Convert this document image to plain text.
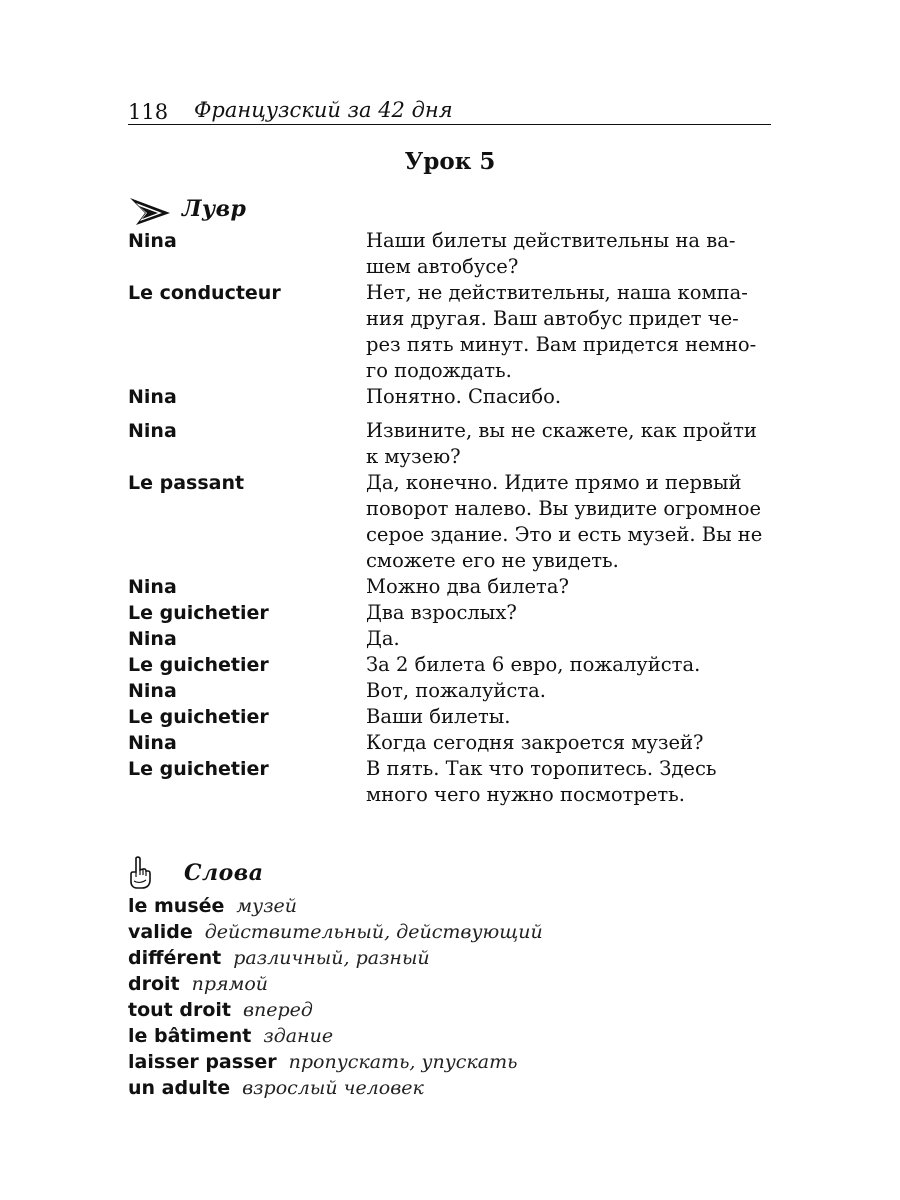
118 Французский за 42 дня
Урок 5
Лувр
Nina	Наши билеты действительны на ва-
шем автобусе?
Le conducteur	Нет, не действительны, наша компа-
ния другая. Ваш автобус придет че-
рез пять минут. Вам придется немно-
го подождать.
Nina	Понятно. Спасибо.
Nina	Извините, вы не скажете, как пройти
к музею?
Le passant	Да, конечно. Идите прямо и первый
поворот налево. Вы увидите огромное
серое здание. Это и есть музей. Вы не
сможете его не увидеть.
Nina	Можно два билета?
Le guichetier	Два взрослых?
Nina	Да.
Le guichetier	За 2 билета 6 евро, пожалуйста.
Nina	Вот, пожалуйста.
Le guichetier	Ваши билеты.
Nina	Когда сегодня закроется музей?
Le guichetier	В пять. Так что торопитесь. Здесь
много чего нужно посмотреть.
Слова
le musée музей
valide действительный, действующий
différent различный, разный
droit прямой
tout droit вперед
le bâtiment здание
laisser passer пропускать, упускать
un adulte взрослый человек
